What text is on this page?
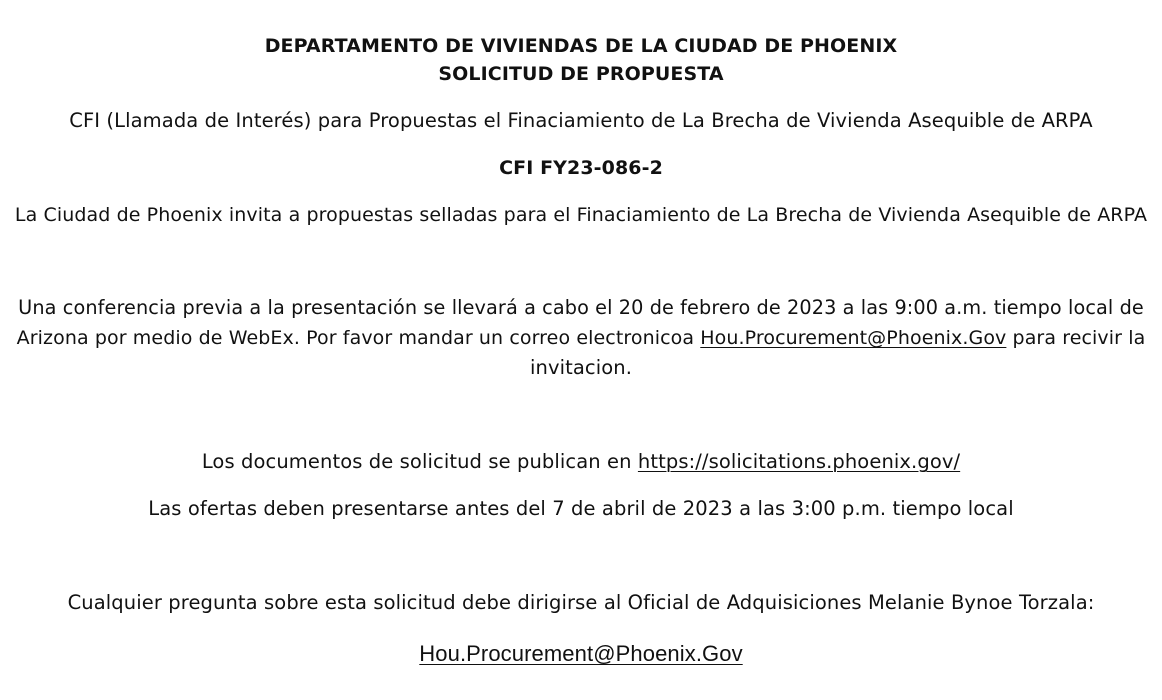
DEPARTAMENTO DE VIVIENDAS DE LA CIUDAD DE PHOENIX
SOLICITUD DE PROPUESTA
CFI (Llamada de Interés) para Propuestas el Finaciamiento de La Brecha de Vivienda Asequible de ARPA
CFI FY23-086-2
La Ciudad de Phoenix invita a propuestas selladas para el Finaciamiento de La Brecha de Vivienda Asequible de ARPA
Una conferencia previa a la presentación se llevará a cabo el 20 de febrero de 2023 a las 9:00 a.m. tiempo local de
Arizona por medio de WebEx. Por favor mandar un correo electronicoa Hou.Procurement@Phoenix.Gov para recivir la
invitacion.
Los documentos de solicitud se publican en https://solicitations.phoenix.gov/
Las ofertas deben presentarse antes del 7 de abril de 2023 a las 3:00 p.m. tiempo local
Cualquier pregunta sobre esta solicitud debe dirigirse al Oficial de Adquisiciones Melanie Bynoe Torzala:
Hou.Procurement@Phoenix.Gov
